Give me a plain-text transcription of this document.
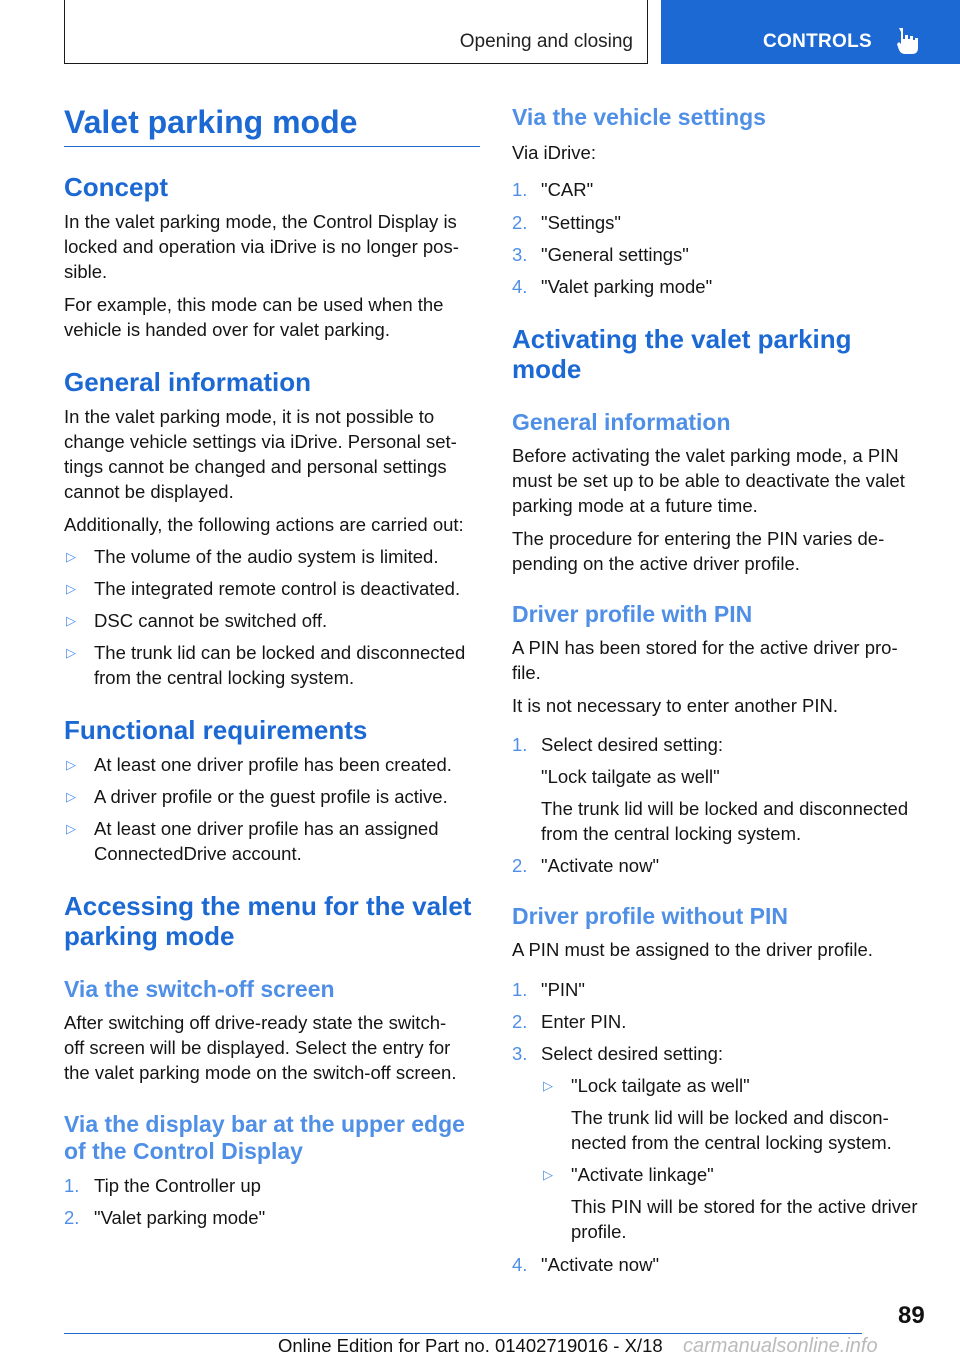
Opening and closing	CONTROLS
Valet parking mode
Concept
In the valet parking mode, the Control Display is
locked and operation via iDrive is no longer pos‐
sible.
For example, this mode can be used when the
vehicle is handed over for valet parking.
General information
In the valet parking mode, it is not possible to
change vehicle settings via iDrive. Personal set‐
tings cannot be changed and personal settings
cannot be displayed.
Additionally, the following actions are carried out:
▷ The volume of the audio system is limited.
▷ The integrated remote control is deactivated.
▷ DSC cannot be switched off.
▷ The trunk lid can be locked and disconnected
from the central locking system.
Functional requirements
▷ At least one driver profile has been created.
▷ A driver profile or the guest profile is active.
▷ At least one driver profile has an assigned
ConnectedDrive account.
Accessing the menu for the valet
parking mode
Via the switch-off screen
After switching off drive-ready state the switch-
off screen will be displayed. Select the entry for
the valet parking mode on the switch-off screen.
Via the display bar at the upper edge
of the Control Display
1. Tip the Controller up
2. "Valet parking mode"
Via the vehicle settings
Via iDrive:
1. "CAR"
2. "Settings"
3. "General settings"
4. "Valet parking mode"
Activating the valet parking
mode
General information
Before activating the valet parking mode, a PIN
must be set up to be able to deactivate the valet
parking mode at a future time.
The procedure for entering the PIN varies de‐
pending on the active driver profile.
Driver profile with PIN
A PIN has been stored for the active driver pro‐
file.
It is not necessary to enter another PIN.
1. Select desired setting:
"Lock tailgate as well"
The trunk lid will be locked and disconnected
from the central locking system.
2. "Activate now"
Driver profile without PIN
A PIN must be assigned to the driver profile.
1. "PIN"
2. Enter PIN.
3. Select desired setting:
▷ "Lock tailgate as well"
The trunk lid will be locked and discon‐
nected from the central locking system.
▷ "Activate linkage"
This PIN will be stored for the active driver
profile.
4. "Activate now"
89
Online Edition for Part no. 01402719016 - X/18 carmanualsonline.info
